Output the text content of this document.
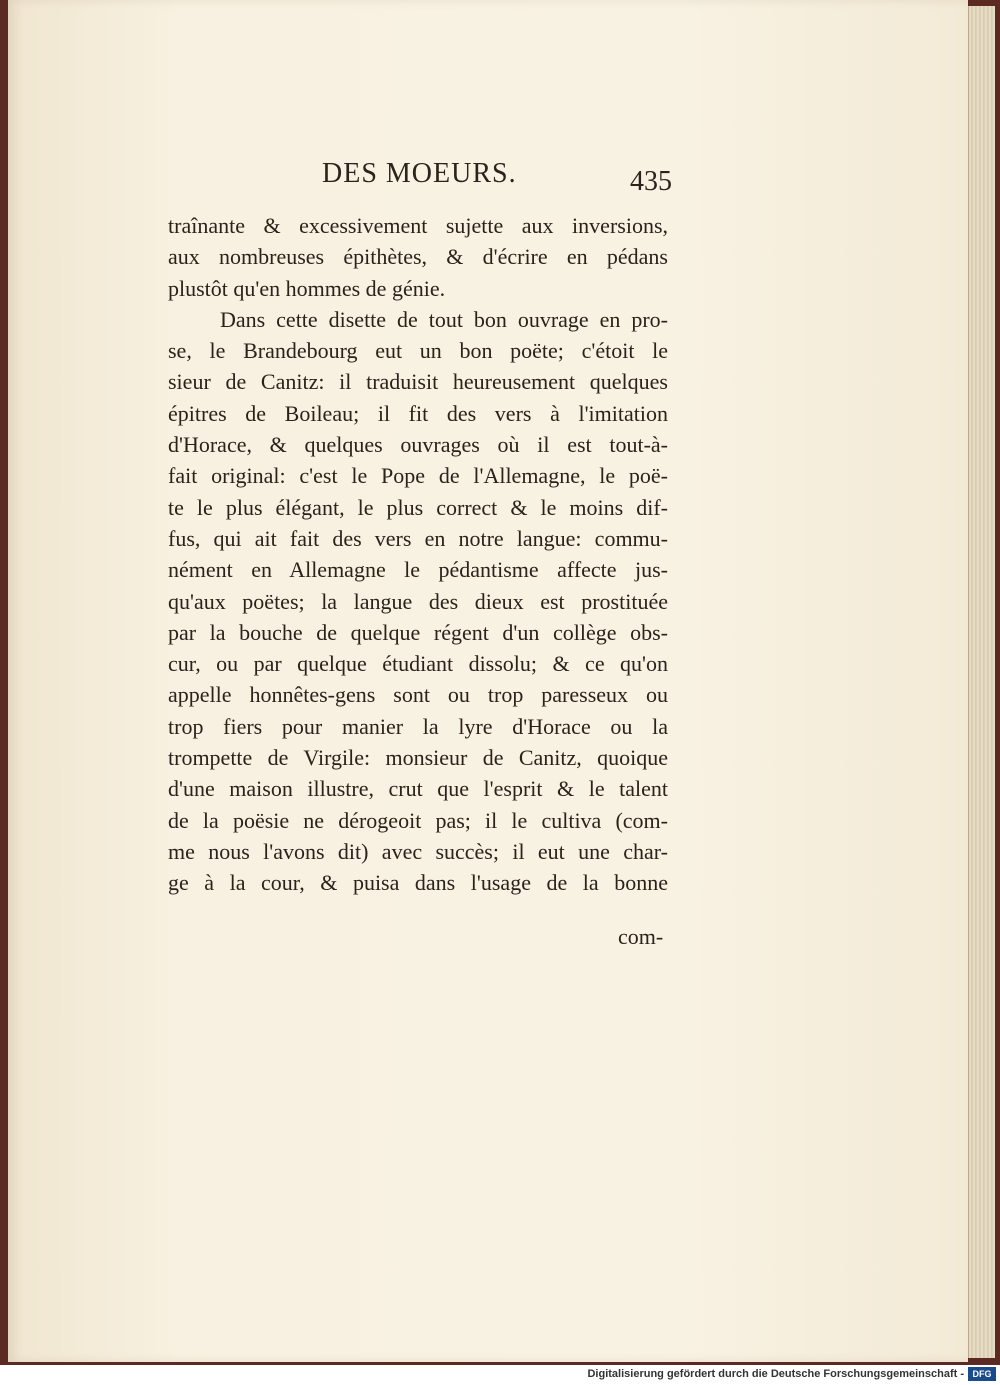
DES MOEURS.	435
traînante & excessivement sujette aux inversions,
aux nombreuses épithètes, & d'écrire en pédans
plustôt qu'en hommes de génie.
Dans cette disette de tout bon ouvrage en pro-
se, le Brandebourg eut un bon poëte; c'étoit le
sieur de Canitz: il traduisit heureusement quelques
épitres de Boileau; il fit des vers à l'imitation
d'Horace, & quelques ouvrages où il est tout-à-
fait original: c'est le Pope de l'Allemagne, le poë-
te le plus élégant, le plus correct & le moins dif-
fus, qui ait fait des vers en notre langue: commu-
nément en Allemagne le pédantisme affecte jus-
qu'aux poëtes; la langue des dieux est prostituée
par la bouche de quelque régent d'un collège obs-
cur, ou par quelque étudiant dissolu; & ce qu'on
appelle honnêtes-gens sont ou trop paresseux ou
trop fiers pour manier la lyre d'Horace ou la
trompette de Virgile: monsieur de Canitz, quoique
d'une maison illustre, crut que l'esprit & le talent
de la poësie ne dérogeoit pas; il le cultiva (com-
me nous l'avons dit) avec succès; il eut une char-
ge à la cour, & puisa dans l'usage de la bonne
com-
Digitalisierung gefördert durch die Deutsche Forschungsgemeinschaft - DFG
